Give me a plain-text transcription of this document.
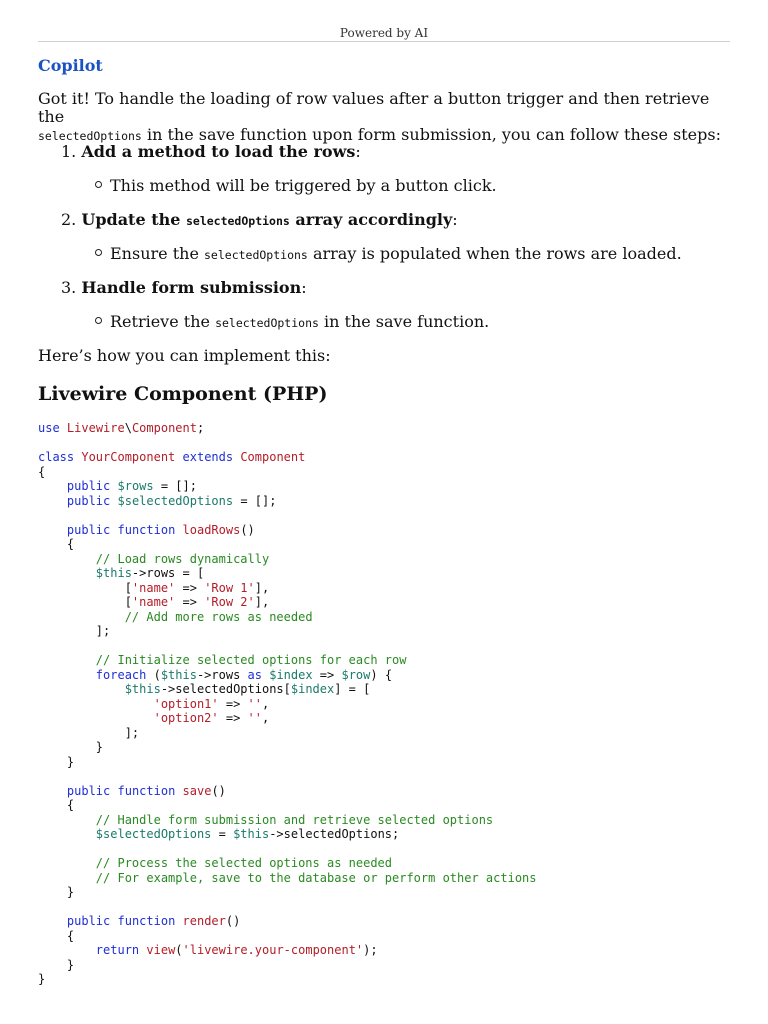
Powered by AI
Copilot
Got it! To handle the loading of row values after a button trigger and then retrieve the
selectedOptions in the save function upon form submission, you can follow these steps:
1. Add a method to load the rows:
This method will be triggered by a button click.
2. Update the selectedOptions array accordingly:
Ensure the selectedOptions array is populated when the rows are loaded.
3. Handle form submission:
Retrieve the selectedOptions in the save function.
Here’s how you can implement this:
Livewire Component (PHP)
use Livewire\Component;

class YourComponent extends Component
{
public $rows = [];
public $selectedOptions = [];

public function loadRows()
{
// Load rows dynamically
$this->rows = [
['name' => 'Row 1'],
['name' => 'Row 2'],
// Add more rows as needed
];

// Initialize selected options for each row
foreach ($this->rows as $index => $row) {
$this->selectedOptions[$index] = [
'option1' => '',
'option2' => '',
];
}
}

public function save()
{
// Handle form submission and retrieve selected options
$selectedOptions = $this->selectedOptions;

// Process the selected options as needed
// For example, save to the database or perform other actions
}

public function render()
{
return view('livewire.your-component');
}
}
